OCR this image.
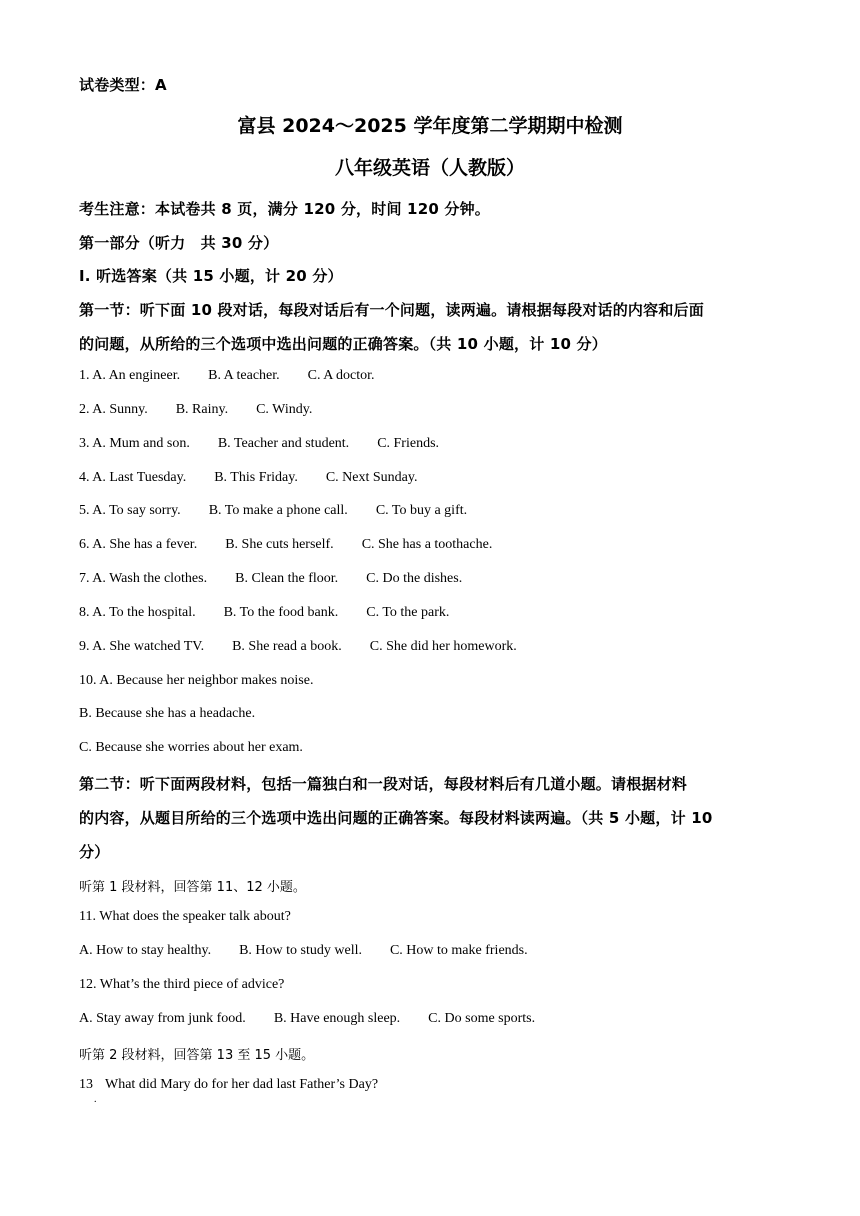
试卷类型：A
富县 2024～2025 学年度第二学期期中检测
八年级英语（人教版）
考生注意：本试卷共 8 页，满分 120 分，时间 120 分钟。
第一部分（听力　共 30 分）
Ⅰ. 听选答案（共 15 小题，计 20 分）
第一节：听下面 10 段对话，每段对话后有一个问题，读两遍。请根据每段对话的内容和后面
的问题，从所给的三个选项中选出问题的正确答案。（共 10 小题，计 10 分）
1. A. An engineer. B. A teacher. C. A doctor.
2. A. Sunny. B. Rainy. C. Windy.
3. A. Mum and son. B. Teacher and student. C. Friends.
4. A. Last Tuesday. B. This Friday. C. Next Sunday.
5. A. To say sorry. B. To make a phone call. C. To buy a gift.
6. A. She has a fever. B. She cuts herself. C. She has a toothache.
7. A. Wash the clothes. B. Clean the floor. C. Do the dishes.
8. A. To the hospital. B. To the food bank. C. To the park.
9. A. She watched TV. B. She read a book. C. She did her homework.
10. A. Because her neighbor makes noise.
B. Because she has a headache.
C. Because she worries about her exam.
第二节：听下面两段材料，包括一篇独白和一段对话，每段材料后有几道小题。请根据材料
的内容，从题目所给的三个选项中选出问题的正确答案。每段材料读两遍。（共 5 小题，计 10
分）
听第 1 段材料，回答第 11、12 小题。
11. What does the speaker talk about?
A. How to stay healthy. B. How to study well. C. How to make friends.
12. What’s the third piece of advice?
A. Stay away from junk food. B. Have enough sleep. C. Do some sports.
听第 2 段材料，回答第 13 至 15 小题。
13 What did Mary do for her dad last Father’s Day?
.
